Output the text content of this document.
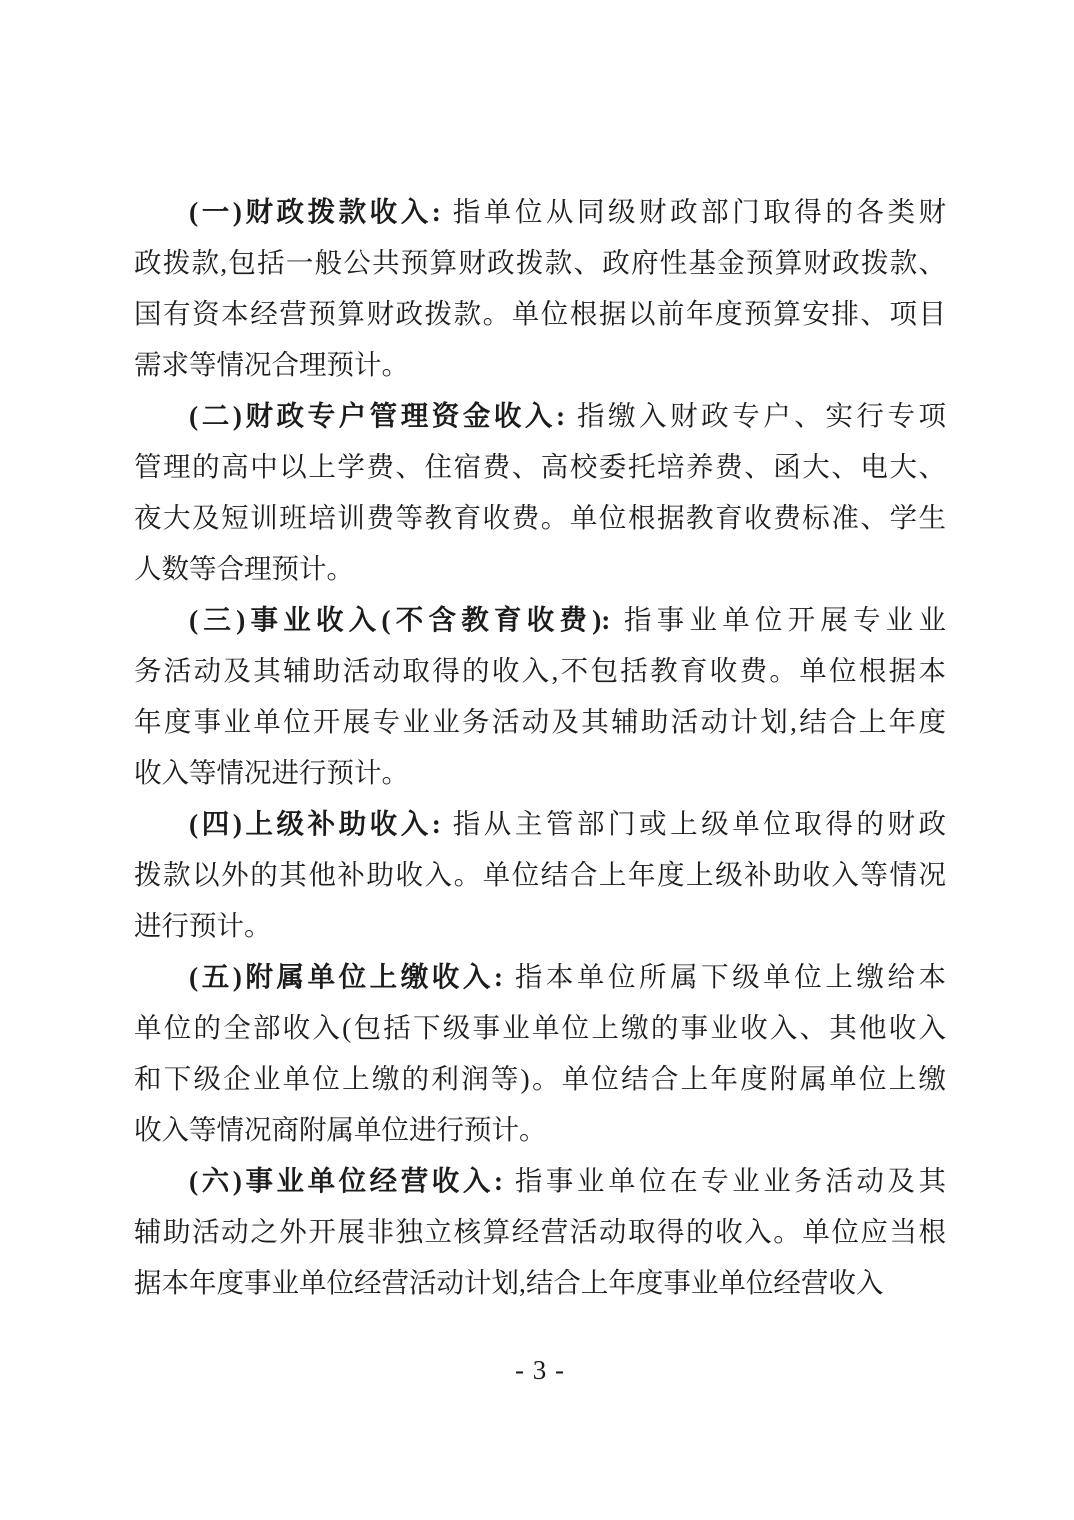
(一)财政拨款收入: 指单位从同级财政部门取得的各类财
政拨款,包括一般公共预算财政拨款、政府性基金预算财政拨款、
国有资本经营预算财政拨款。单位根据以前年度预算安排、项目
需求等情况合理预计。
(二)财政专户管理资金收入: 指缴入财政专户、实行专项
管理的高中以上学费、住宿费、高校委托培养费、函大、电大、
夜大及短训班培训费等教育收费。单位根据教育收费标准、学生
人数等合理预计。
(三)事业收入(不含教育收费): 指事业单位开展专业业
务活动及其辅助活动取得的收入,不包括教育收费。单位根据本
年度事业单位开展专业业务活动及其辅助活动计划,结合上年度
收入等情况进行预计。
(四)上级补助收入: 指从主管部门或上级单位取得的财政
拨款以外的其他补助收入。单位结合上年度上级补助收入等情况
进行预计。
(五)附属单位上缴收入: 指本单位所属下级单位上缴给本
单位的全部收入(包括下级事业单位上缴的事业收入、其他收入
和下级企业单位上缴的利润等)。单位结合上年度附属单位上缴
收入等情况商附属单位进行预计。
(六)事业单位经营收入: 指事业单位在专业业务活动及其
辅助活动之外开展非独立核算经营活动取得的收入。单位应当根
据本年度事业单位经营活动计划,结合上年度事业单位经营收入
- 3 -
